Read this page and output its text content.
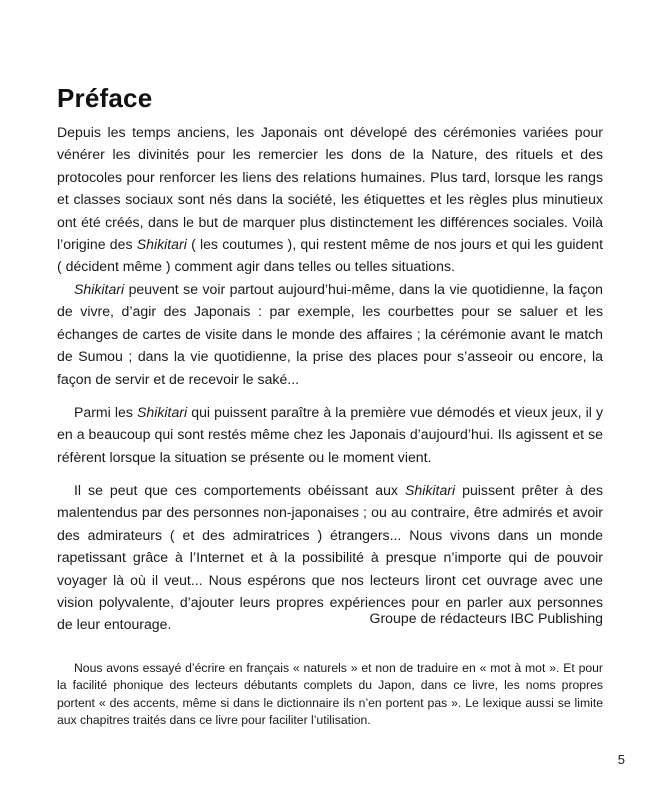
Préface

Depuis les temps anciens, les Japonais ont dévelopé des cérémonies variées pour vénérer les divinités pour les remercier les dons de la Nature, des rituels et des protocoles pour renforcer les liens des relations humaines. Plus tard, lorsque les rangs et classes sociaux sont nés dans la société, les étiquettes et les règles plus minutieux ont été créés, dans le but de marquer plus distinctement les différences sociales. Voilà l’origine des Shikitari ( les coutumes ), qui restent même de nos jours et qui les guident ( décident même ) comment agir dans telles ou telles situations.

Shikitari peuvent se voir partout aujourd’hui-même, dans la vie quotidienne, la façon de vivre, d’agir des Japonais : par exemple, les courbettes pour se saluer et les échanges de cartes de visite dans le monde des affaires ; la cérémonie avant le match de Sumou ; dans la vie quotidienne, la prise des places pour s’asseoir ou encore, la façon de servir et de recevoir le saké...

Parmi les Shikitari qui puissent paraître à la première vue démodés et vieux jeux, il y en a beaucoup qui sont restés même chez les Japonais d’aujourd’hui. Ils agissent et se réfèrent lorsque la situation se présente ou le moment vient.

Il se peut que ces comportements obéissant aux Shikitari puissent prêter à des malentendus par des personnes non-japonaises ; ou au contraire, être admirés et avoir des admirateurs ( et des admiratrices ) étrangers... Nous vivons dans un monde rapetissant grâce à l’Internet et à la possibilité à presque n’importe qui de pouvoir voyager là où il veut... Nous espérons que nos lecteurs liront cet ouvrage avec une vision polyvalente, d’ajouter leurs propres expériences pour en parler aux personnes de leur entourage.	Groupe de rédacteurs IBC Publishing

Nous avons essayé d’écrire en français « naturels » et non de traduire en « mot à mot ». Et pour la facilité phonique des lecteurs débutants complets du Japon, dans ce livre, les noms propres portent « des accents, même si dans le dictionnaire ils n’en portent pas ». Le lexique aussi se limite aux chapitres traités dans ce livre pour faciliter l’utilisation.

5
